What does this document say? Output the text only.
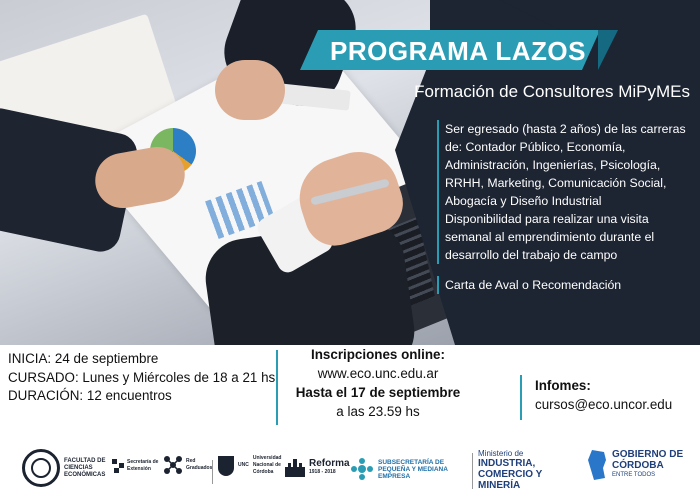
PROGRAMA LAZOS
Formación de Consultores MiPyMEs
Ser egresado (hasta 2 años) de las carreras de: Contador Público, Economía, Administración, Ingenierías, Psicología, RRHH, Marketing, Comunicación Social, Abogacía y Diseño Industrial
Disponibilidad para realizar una visita semanal al emprendimiento durante el desarrollo del trabajo de campo
Carta de Aval o Recomendación
INICIA: 24 de septiembre
CURSADO: Lunes y Miércoles de 18 a 21 hs
DURACIÓN: 12 encuentros
Inscripciones online:
www.eco.unc.edu.ar
Hasta el 17 de septiembre
a las 23.59 hs
Infomes:
cursos@eco.uncor.edu
FACULTAD DE CIENCIAS ECONÓMICAS
Secretaría de Extensión
Red Graduados	UNC
Universidad Nacional de Córdoba
Reforma
1918 - 2018
SUBSECRETARÍA DE PEQUEÑA Y MEDIANA EMPRESA
Ministerio de
INDUSTRIA, COMERCIO Y MINERÍA
GOBIERNO DE CÓRDOBA
ENTRE TODOS
